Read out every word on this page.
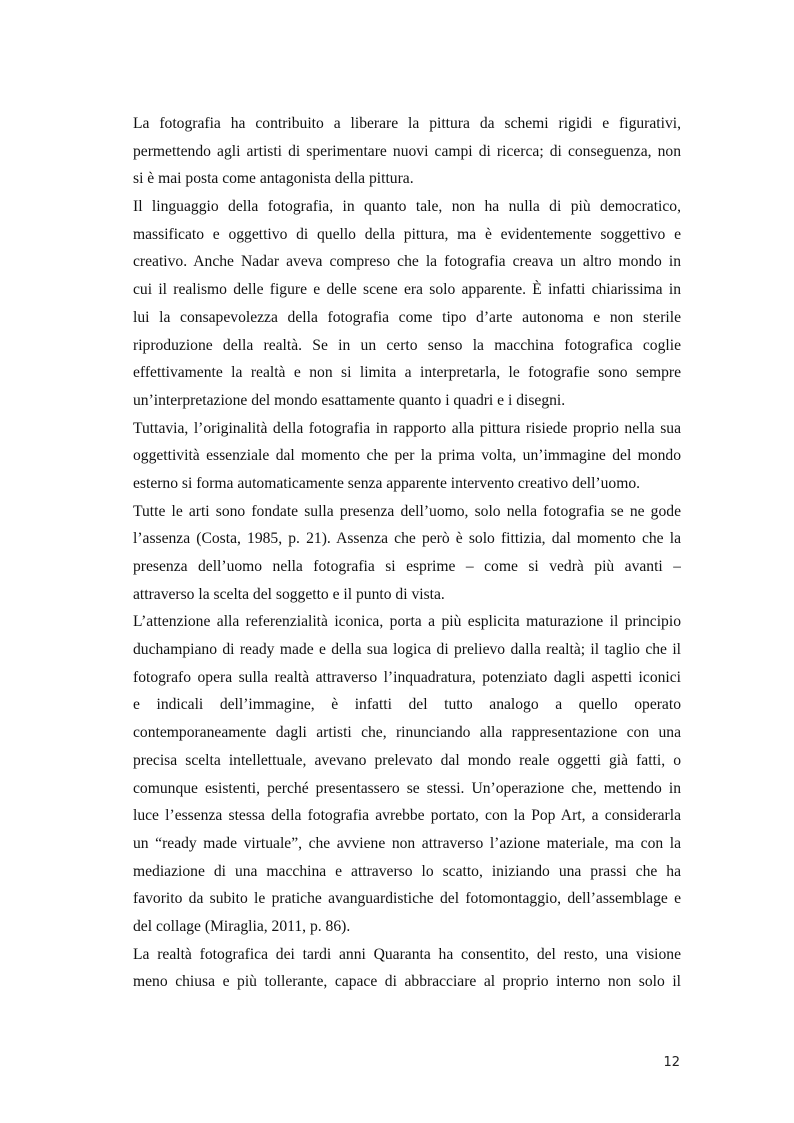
La fotografia ha contribuito a liberare la pittura da schemi rigidi e figurativi,
permettendo agli artisti di sperimentare nuovi campi di ricerca; di conseguenza, non
si è mai posta come antagonista della pittura.
Il linguaggio della fotografia, in quanto tale, non ha nulla di più democratico,
massificato e oggettivo di quello della pittura, ma è evidentemente soggettivo e
creativo. Anche Nadar aveva compreso che la fotografia creava un altro mondo in
cui il realismo delle figure e delle scene era solo apparente. È infatti chiarissima in
lui la consapevolezza della fotografia come tipo d’arte autonoma e non sterile
riproduzione della realtà. Se in un certo senso la macchina fotografica coglie
effettivamente la realtà e non si limita a interpretarla, le fotografie sono sempre
un’interpretazione del mondo esattamente quanto i quadri e i disegni.
Tuttavia, l’originalità della fotografia in rapporto alla pittura risiede proprio nella sua
oggettività essenziale dal momento che per la prima volta, un’immagine del mondo
esterno si forma automaticamente senza apparente intervento creativo dell’uomo.
Tutte le arti sono fondate sulla presenza dell’uomo, solo nella fotografia se ne gode
l’assenza (Costa, 1985, p. 21). Assenza che però è solo fittizia, dal momento che la
presenza dell’uomo nella fotografia si esprime – come si vedrà più avanti –
attraverso la scelta del soggetto e il punto di vista.
L’attenzione alla referenzialità iconica, porta a più esplicita maturazione il principio
duchampiano di ready made e della sua logica di prelievo dalla realtà; il taglio che il
fotografo opera sulla realtà attraverso l’inquadratura, potenziato dagli aspetti iconici
e indicali dell’immagine, è infatti del tutto analogo a quello operato
contemporaneamente dagli artisti che, rinunciando alla rappresentazione con una
precisa scelta intellettuale, avevano prelevato dal mondo reale oggetti già fatti, o
comunque esistenti, perché presentassero se stessi. Un’operazione che, mettendo in
luce l’essenza stessa della fotografia avrebbe portato, con la Pop Art, a considerarla
un “ready made virtuale”, che avviene non attraverso l’azione materiale, ma con la
mediazione di una macchina e attraverso lo scatto, iniziando una prassi che ha
favorito da subito le pratiche avanguardistiche del fotomontaggio, dell’assemblage e
del collage (Miraglia, 2011, p. 86).
La realtà fotografica dei tardi anni Quaranta ha consentito, del resto, una visione
meno chiusa e più tollerante, capace di abbracciare al proprio interno non solo il
12
